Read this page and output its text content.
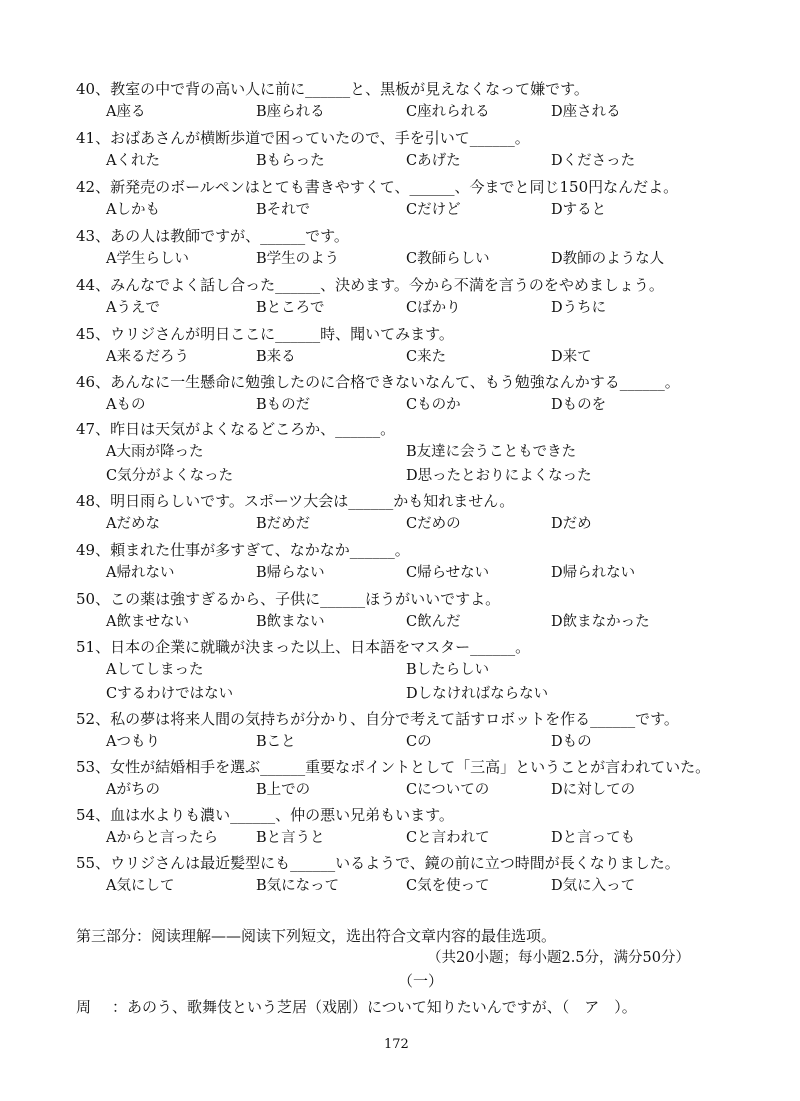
40、教室の中で背の高い人に前に______と、黒板が見えなくなって嫌です。
A座る	B座られる	C座れられる	D座される
41、おばあさんが横断歩道で困っていたので、手を引いて______。
Aくれた	Bもらった	Cあげた	Dくださった
42、新発売のボールペンはとても書きやすくて、______、今までと同じ150円なんだよ。
Aしかも	Bそれで	Cだけど	Dすると
43、あの人は教師ですが、______です。
A学生らしい	B学生のよう	C教師らしい	D教師のような人
44、みんなでよく話し合った______、決めます。今から不満を言うのをやめましょう。
Aうえで	Bところで	Cばかり	Dうちに
45、ウリジさんが明日ここに______時、聞いてみます。
A来るだろう	B来る	C来た	D来て
46、あんなに一生懸命に勉強したのに合格できないなんて、もう勉強なんかする______。
Aもの	Bものだ	Cものか	Dものを
47、昨日は天気がよくなるどころか、______。
A大雨が降った	B友達に会うこともできた
C気分がよくなった	D思ったとおりによくなった
48、明日雨らしいです。スポーツ大会は______かも知れません。
Aだめな	Bだめだ	Cだめの	Dだめ
49、頼まれた仕事が多すぎて、なかなか______。
A帰れない	B帰らない	C帰らせない	D帰られない
50、この薬は強すぎるから、子供に______ほうがいいですよ。
A飲ませない	B飲まない	C飲んだ	D飲まなかった
51、日本の企業に就職が決まった以上、日本語をマスター______。
Aしてしまった	Bしたらしい
Cするわけではない	Dしなければならない
52、私の夢は将来人間の気持ちが分かり、自分で考えて話すロボットを作る______です。
Aつもり	Bこと	Cの	Dもの
53、女性が結婚相手を選ぶ______重要なポイントとして「三高」ということが言われていた。
Aがちの	B上での	Cについての	Dに対しての
54、血は水よりも濃い______、仲の悪い兄弟もいます。
Aからと言ったら	Bと言うと	Cと言われて	Dと言っても
55、ウリジさんは最近髪型にも______いるようで、鏡の前に立つ時間が長くなりました。
A気にして	B気になって	C気を使って	D気に入って
第三部分：阅读理解——阅读下列短文，选出符合文章内容的最佳选项。
（共20小题；每小题2.5分，满分50分）
（一）
周 ：あのう、歌舞伎という芝居（戏剧）について知りたいんですが、（　ア　）。
172
